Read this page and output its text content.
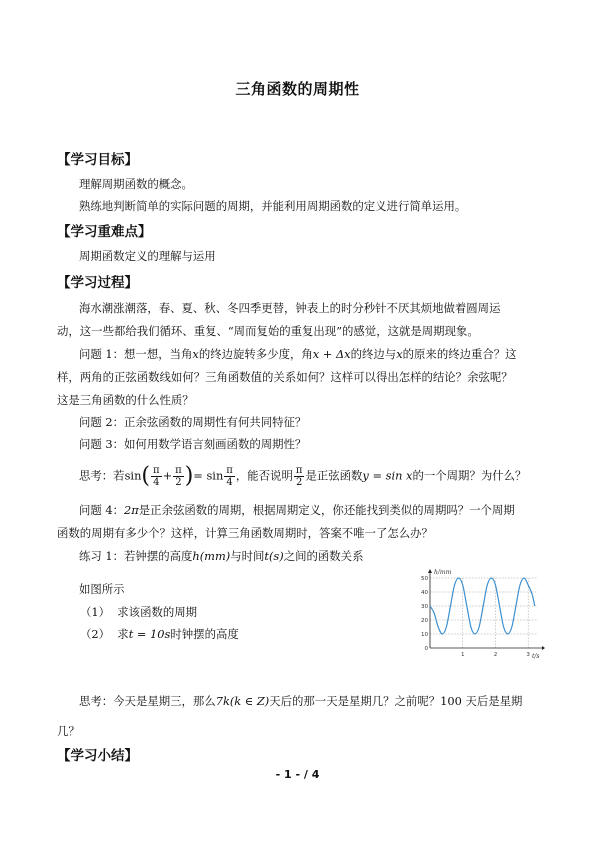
三角函数的周期性
【学习目标】
理解周期函数的概念。
熟练地判断简单的实际问题的周期，并能利用周期函数的定义进行简单运用。
【学习重难点】
周期函数定义的理解与运用
【学习过程】
海水潮涨潮落，春、夏、秋、冬四季更替，钟表上的时分秒针不厌其烦地做着圆周运
动，这一些都给我们循环、重复、“周而复始的重复出现”的感觉，这就是周期现象。
问题 1：想一想，当角x的终边旋转多少度，角x + Δx的终边与x的原来的终边重合？这
样，两角的正弦函数线如何？三角函数值的关系如何？这样可以得出怎样的结论？余弦呢？
这是三角函数的什么性质？
问题 2：正余弦函数的周期性有何共同特征？
问题 3：如何用数学语言刻画函数的周期性？
思考：若$\sin( \frac{\pi}{4} + \frac{\pi}{2}$ )= $\sin \frac{\pi}{4}$ ，能否说明 $\frac{\pi}{2}$ 是正弦函数y = sin x的一个周期？为什么？
问题 4：2π是正余弦函数的周期，根据周期定义，你还能找到类似的周期吗？一个周期
函数的周期有多少个？这样，计算三角函数周期时，答案不唯一了怎么办？
练习 1：若钟摆的高度h(mm)与时间t(s)之间的函数关系
如图所示
（1） 求该函数的周期
（2） 求t = 10s时钟摆的高度
0
10
20
30
40
50
1	2	3
h/mm
t/s
思考：今天是星期三，那么7k(k ∈ Z)天后的那一天是星期几？之前呢？100 天后是星期
几？
【学习小结】
- 1 - / 4
